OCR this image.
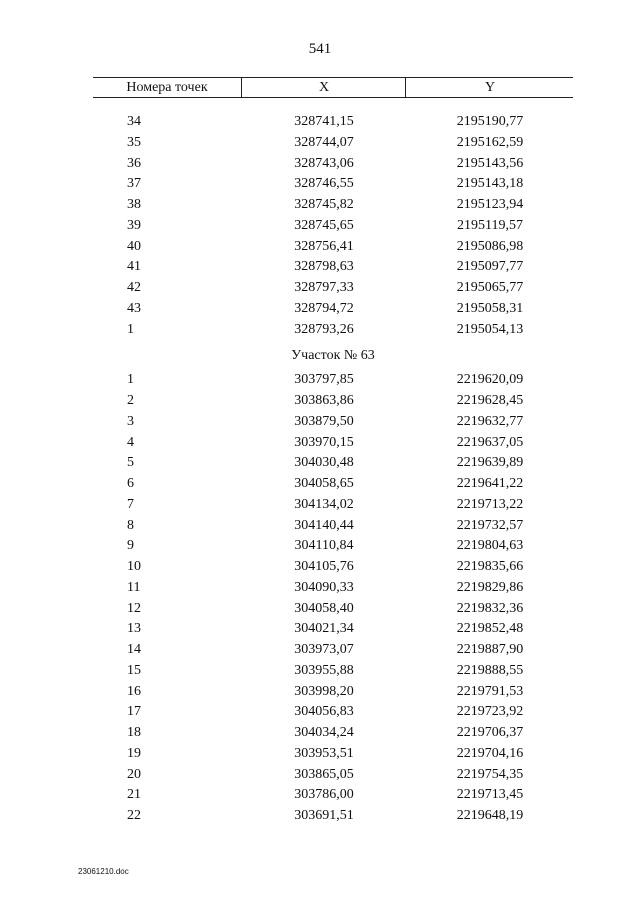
541
Номера точек	X	Y
34	328741,15	2195190,77
35	328744,07	2195162,59
36	328743,06	2195143,56
37	328746,55	2195143,18
38	328745,82	2195123,94
39	328745,65	2195119,57
40	328756,41	2195086,98
41	328798,63	2195097,77
42	328797,33	2195065,77
43	328794,72	2195058,31
1	328793,26	2195054,13
Участок № 63
1	303797,85	2219620,09
2	303863,86	2219628,45
3	303879,50	2219632,77
4	303970,15	2219637,05
5	304030,48	2219639,89
6	304058,65	2219641,22
7	304134,02	2219713,22
8	304140,44	2219732,57
9	304110,84	2219804,63
10	304105,76	2219835,66
11	304090,33	2219829,86
12	304058,40	2219832,36
13	304021,34	2219852,48
14	303973,07	2219887,90
15	303955,88	2219888,55
16	303998,20	2219791,53
17	304056,83	2219723,92
18	304034,24	2219706,37
19	303953,51	2219704,16
20	303865,05	2219754,35
21	303786,00	2219713,45
22	303691,51	2219648,19
23061210.doc
